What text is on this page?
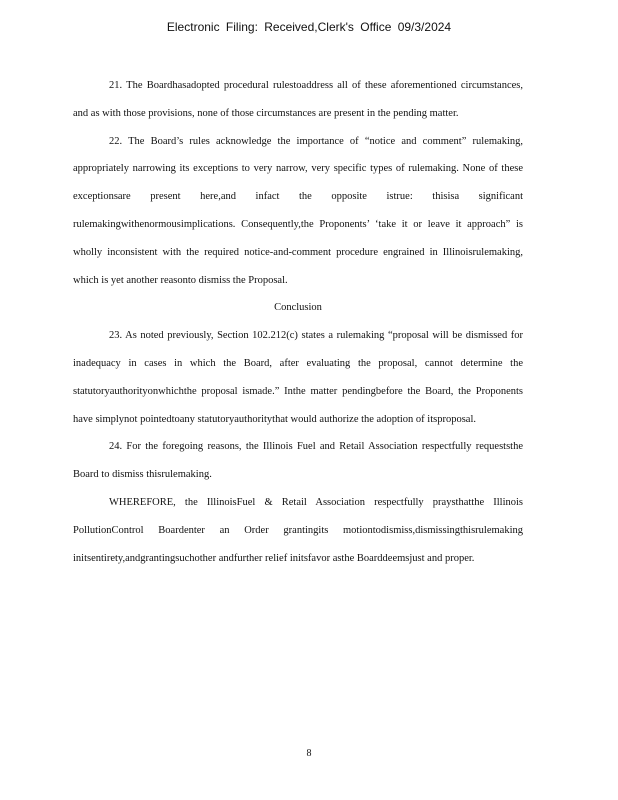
Electronic Filing: Received,Clerk's Office 09/3/2024

21. The Boardhasadopted procedural rulestoaddress all of these aforementioned circumstances, and as with those provisions, none of those circumstances are present in the pending matter.

22. The Board’s rules acknowledge the importance of “notice and comment” rulemaking, appropriately narrowing its exceptions to very narrow, very specific types of rulemaking. None of these exceptionsare present here,and infact the opposite istrue: thisisa significant rulemakingwithenormousimplications. Consequently,the Proponents’ ‘take it or leave it approach” is wholly inconsistent with the required notice-and-comment procedure engrained in Illinoisrulemaking, which is yet another reasonto dismiss the Proposal.

Conclusion

23. As noted previously, Section 102.212(c) states a rulemaking “proposal will be dismissed for inadequacy in cases in which the Board, after evaluating the proposal, cannot determine the statutoryauthorityonwhichthe proposal ismade.” Inthe matter pendingbefore the Board, the Proponents have simplynot pointedtoany statutoryauthoritythat would authorize the adoption of itsproposal.

24. For the foregoing reasons, the Illinois Fuel and Retail Association respectfully requeststhe Board to dismiss thisrulemaking.

WHEREFORE, the IllinoisFuel & Retail Association respectfully praysthatthe Illinois PollutionControl Boardenter an Order grantingits motiontodismiss,dismissingthisrulemaking initsentirety,andgrantingsuchother andfurther relief initsfavor asthe Boarddeemsjust and proper.

8
